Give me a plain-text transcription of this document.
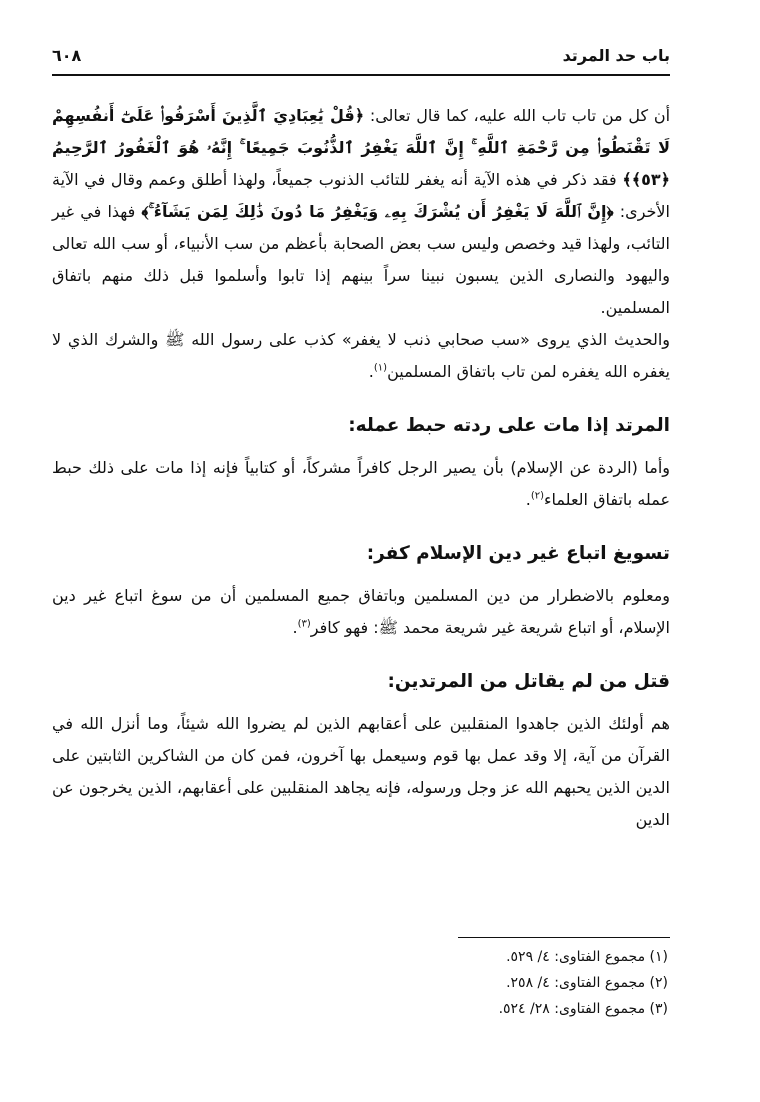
باب حد المرتد
٦٠٨

أن كل من تاب تاب الله عليه، كما قال تعالى: ﴿قُلْ يَٰعِبَادِيَ ٱلَّذِينَ أَسْرَفُوا۟ عَلَىٰٓ أَنفُسِهِمْ لَا تَقْنَطُوا۟ مِن رَّحْمَةِ ٱللَّهِ ۚ إِنَّ ٱللَّهَ يَغْفِرُ ٱلذُّنُوبَ جَمِيعًا ۚ إِنَّهُۥ هُوَ ٱلْغَفُورُ ٱلرَّحِيمُ ﴿٥٣﴾﴾ فقد ذكر في هذه الآية أنه يغفر للتائب الذنوب جميعاً، ولهذا أطلق وعمم وقال في الآية الأخرى: ﴿إِنَّ ٱللَّهَ لَا يَغْفِرُ أَن يُشْرَكَ بِهِۦ وَيَغْفِرُ مَا دُونَ ذَٰلِكَ لِمَن يَشَآءُ ۚ﴾ فهذا في غير التائب، ولهذا قيد وخصص وليس سب بعض الصحابة بأعظم من سب الأنبياء، أو سب الله تعالى واليهود والنصارى الذين يسبون نبينا سراً بينهم إذا تابوا وأسلموا قبل ذلك منهم باتفاق المسلمين.

والحديث الذي يروى «سب صحابي ذنب لا يغفر» كذب على رسول الله ﷺ والشرك الذي لا يغفره الله يغفره لمن تاب باتفاق المسلمين$^{(١)}$.

المرتد إذا مات على ردته حبط عمله:

وأما (الردة عن الإسلام) بأن يصير الرجل كافراً مشركاً، أو كتابياً فإنه إذا مات على ذلك حبط عمله باتفاق العلماء$^{(٢)}$.

تسويغ اتباع غير دين الإسلام كفر:

ومعلوم بالاضطرار من دين المسلمين وباتفاق جميع المسلمين أن من سوغ اتباع غير دين الإسلام، أو اتباع شريعة غير شريعة محمد ﷺ: فهو كافر$^{(٣)}$.

قتل من لم يقاتل من المرتدين:

هم أولئك الذين جاهدوا المنقلبين على أعقابهم الذين لم يضروا الله شيئاً، وما أنزل الله في القرآن من آية، إلا وقد عمل بها قوم وسيعمل بها آخرون، فمن كان من الشاكرين الثابتين على الدين الذين يحبهم الله عز وجل ورسوله، فإنه يجاهد المنقلبين على أعقابهم، الذين يخرجون عن الدين

(١) مجموع الفتاوى: ٤/ ٥٢٩.
(٢) مجموع الفتاوى: ٤/ ٢٥٨.
(٣) مجموع الفتاوى: ٢٨/ ٥٢٤.
